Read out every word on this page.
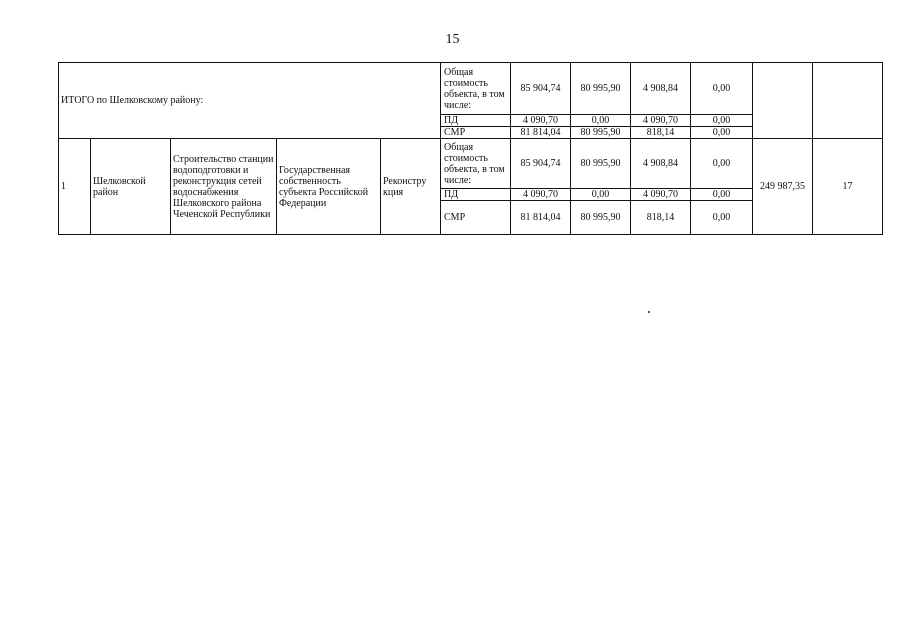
15
ИТОГО по Шелковскому району:					Общая стоимость объекта, в том числе:	85 904,74	80 995,90	4 908,84	0,00		
					ПД	4 090,70	0,00	4 090,70	0,00		
					СМР	81 814,04	80 995,90	818,14	0,00		
1	Шелковской район	Строительство станции водоподготовки и реконструкция сетей водоснабжения Шелковского района Чеченской Республики	Государственная собственность субъекта Российской Федерации	Реконстру кция	Общая стоимость объекта, в том числе:	85 904,74	80 995,90	4 908,84	0,00	249 987,35	17
					ПД	4 090,70	0,00	4 090,70	0,00		
					СМР	81 814,04	80 995,90	818,14	0,00		
